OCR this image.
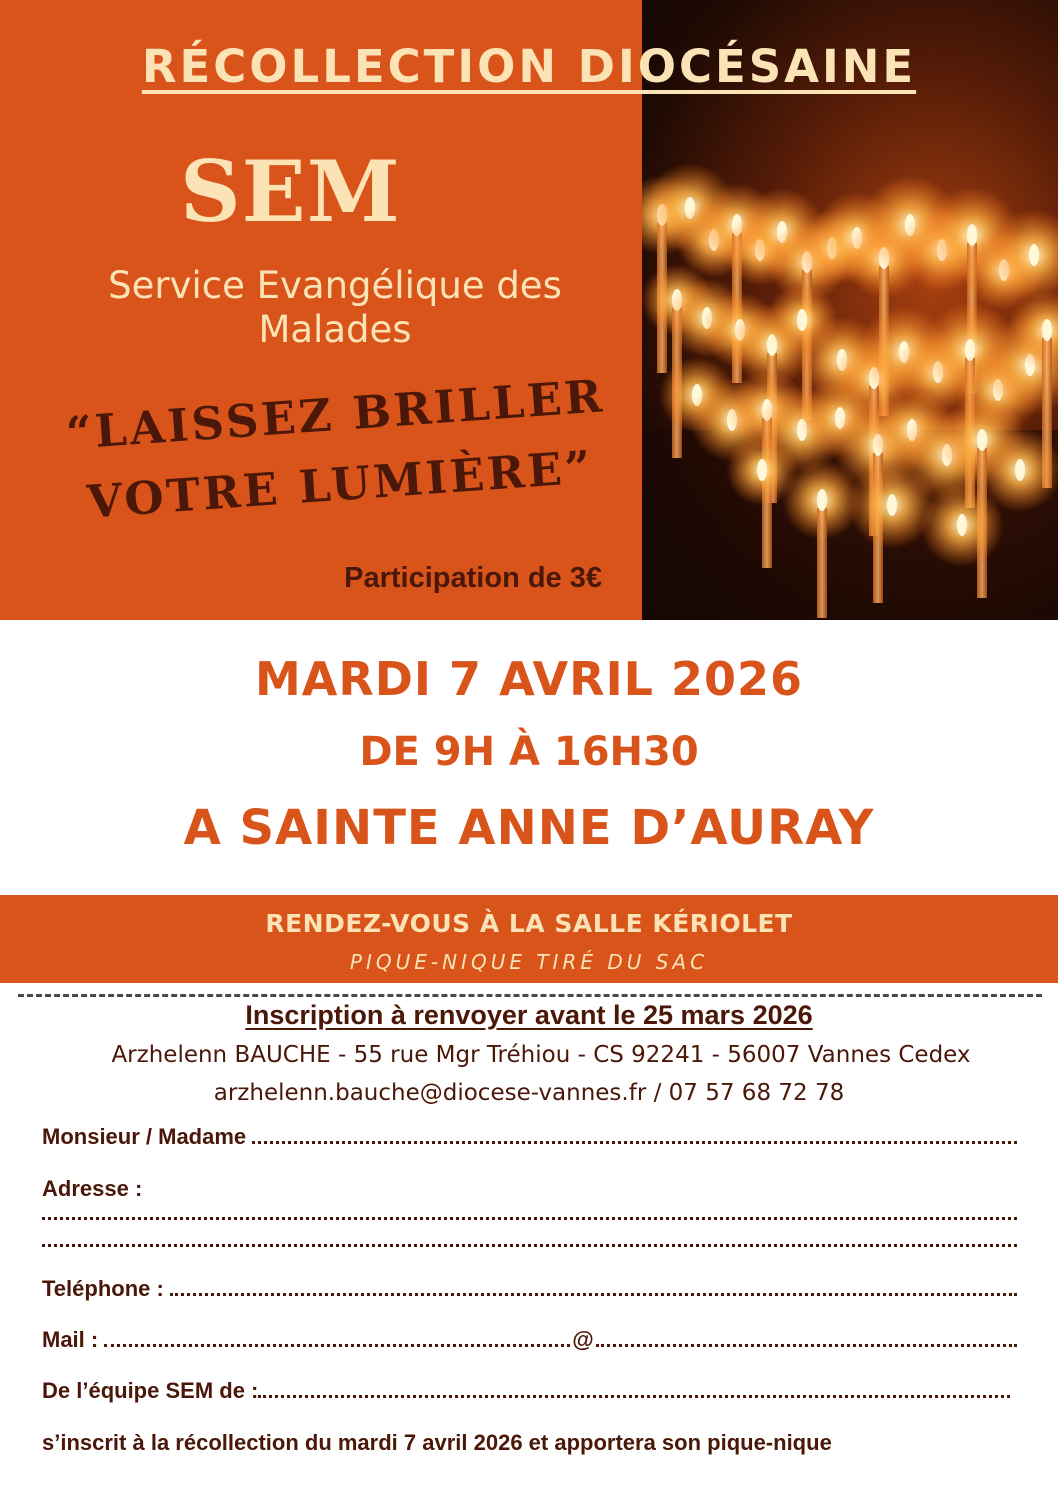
SEM
Service Evangélique des Malades
“LAISSEZ BRILLER
VOTRE LUMIÈRE”
Participation de 3€
RÉCOLLECTION DIOCÉSAINE
MARDI 7 AVRIL 2026
DE 9H À 16H30
A SAINTE ANNE D’AURAY
RENDEZ-VOUS À LA SALLE KÉRIOLET
PIQUE-NIQUE TIRÉ DU SAC
Inscription à renvoyer avant le 25 mars 2026
Arzhelenn BAUCHE - 55 rue Mgr Tréhiou - CS 92241 - 56007 Vannes Cedex
arzhelenn.bauche@diocese-vannes.fr / 07 57 68 72 78
Monsieur / Madame
Adresse :
Teléphone :
Mail :	@
De l’équipe SEM de :
s’inscrit à la récollection du mardi 7 avril 2026 et apportera son pique-nique
